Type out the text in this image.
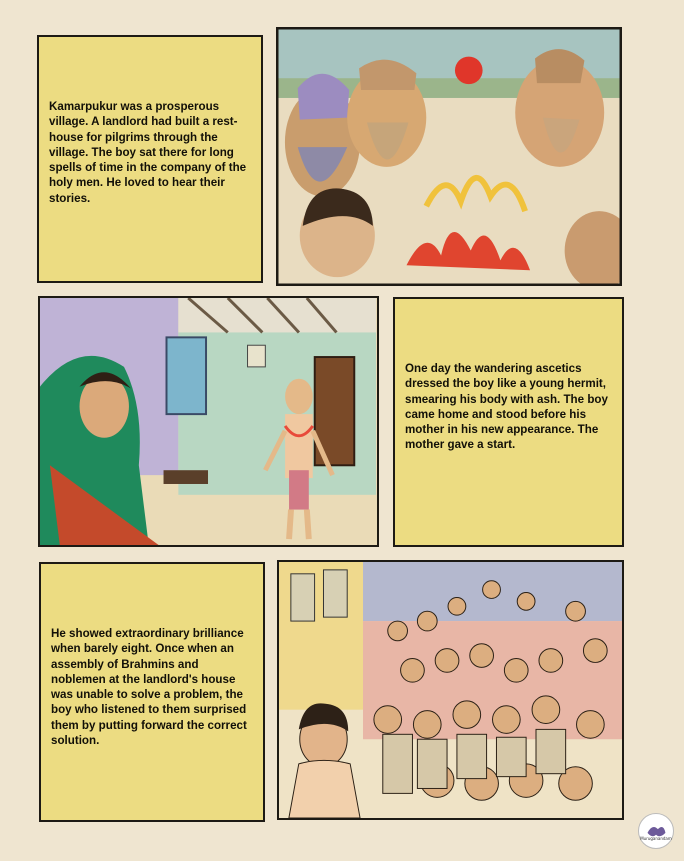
Kamarpukur was a prosperous village. A landlord had built a rest-house for pilgrims through the village. The boy sat there for long spells of time in the company of the holy men. He loved to hear their stories.

One day the wandering ascetics dressed the boy like a young hermit, smearing his body with ash. The boy came home and stood before his mother in his new appearance. The mother gave a start.

He showed extraordinary brilliance when barely eight. Once when an assembly of Brahmins and noblemen at the landlord's house was unable to solve a problem, the boy who listened to them surprised them by putting forward the correct solution.

Muruganandam
